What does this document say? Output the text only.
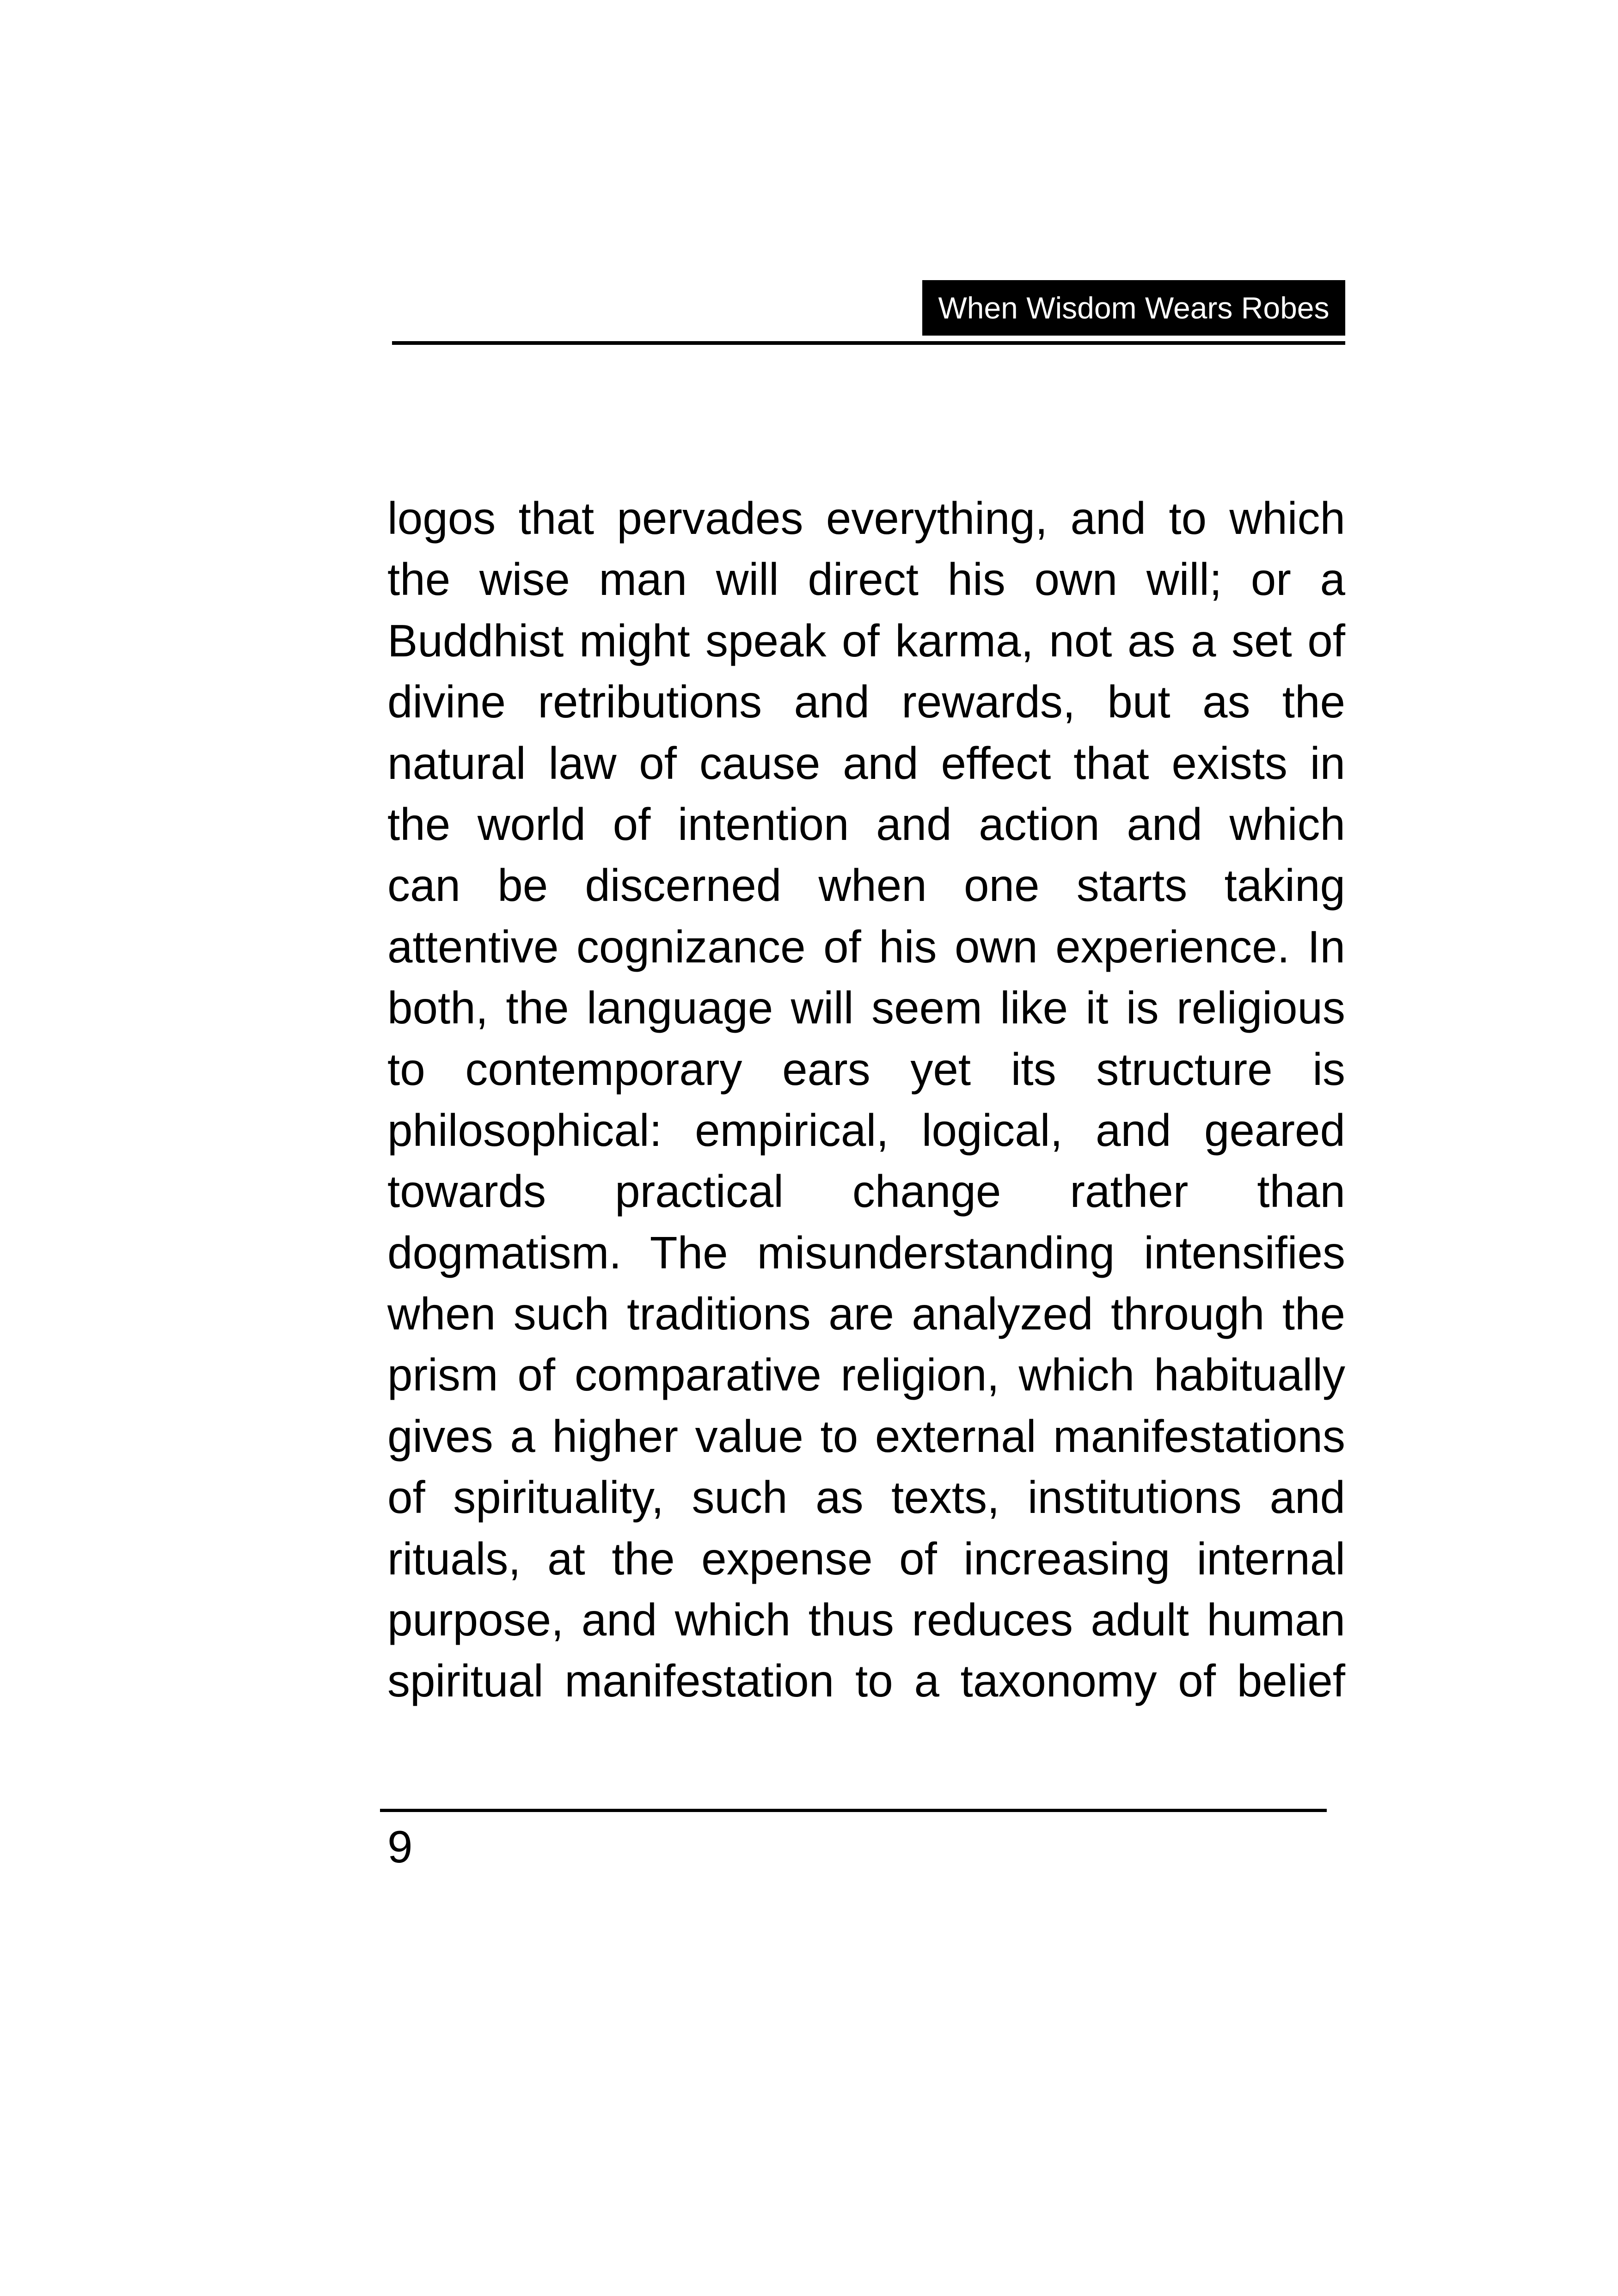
When Wisdom Wears Robes
logos that pervades everything, and to which
the wise man will direct his own will; or a
Buddhist might speak of karma, not as a set of
divine retributions and rewards, but as the
natural law of cause and effect that exists in
the world of intention and action and which
can be discerned when one starts taking
attentive cognizance of his own experience. In
both, the language will seem like it is religious
to contemporary ears yet its structure is
philosophical: empirical, logical, and geared
towards practical change rather than
dogmatism. The misunderstanding intensifies
when such traditions are analyzed through the
prism of comparative religion, which habitually
gives a higher value to external manifestations
of spirituality, such as texts, institutions and
rituals, at the expense of increasing internal
purpose, and which thus reduces adult human
spiritual manifestation to a taxonomy of belief
9
